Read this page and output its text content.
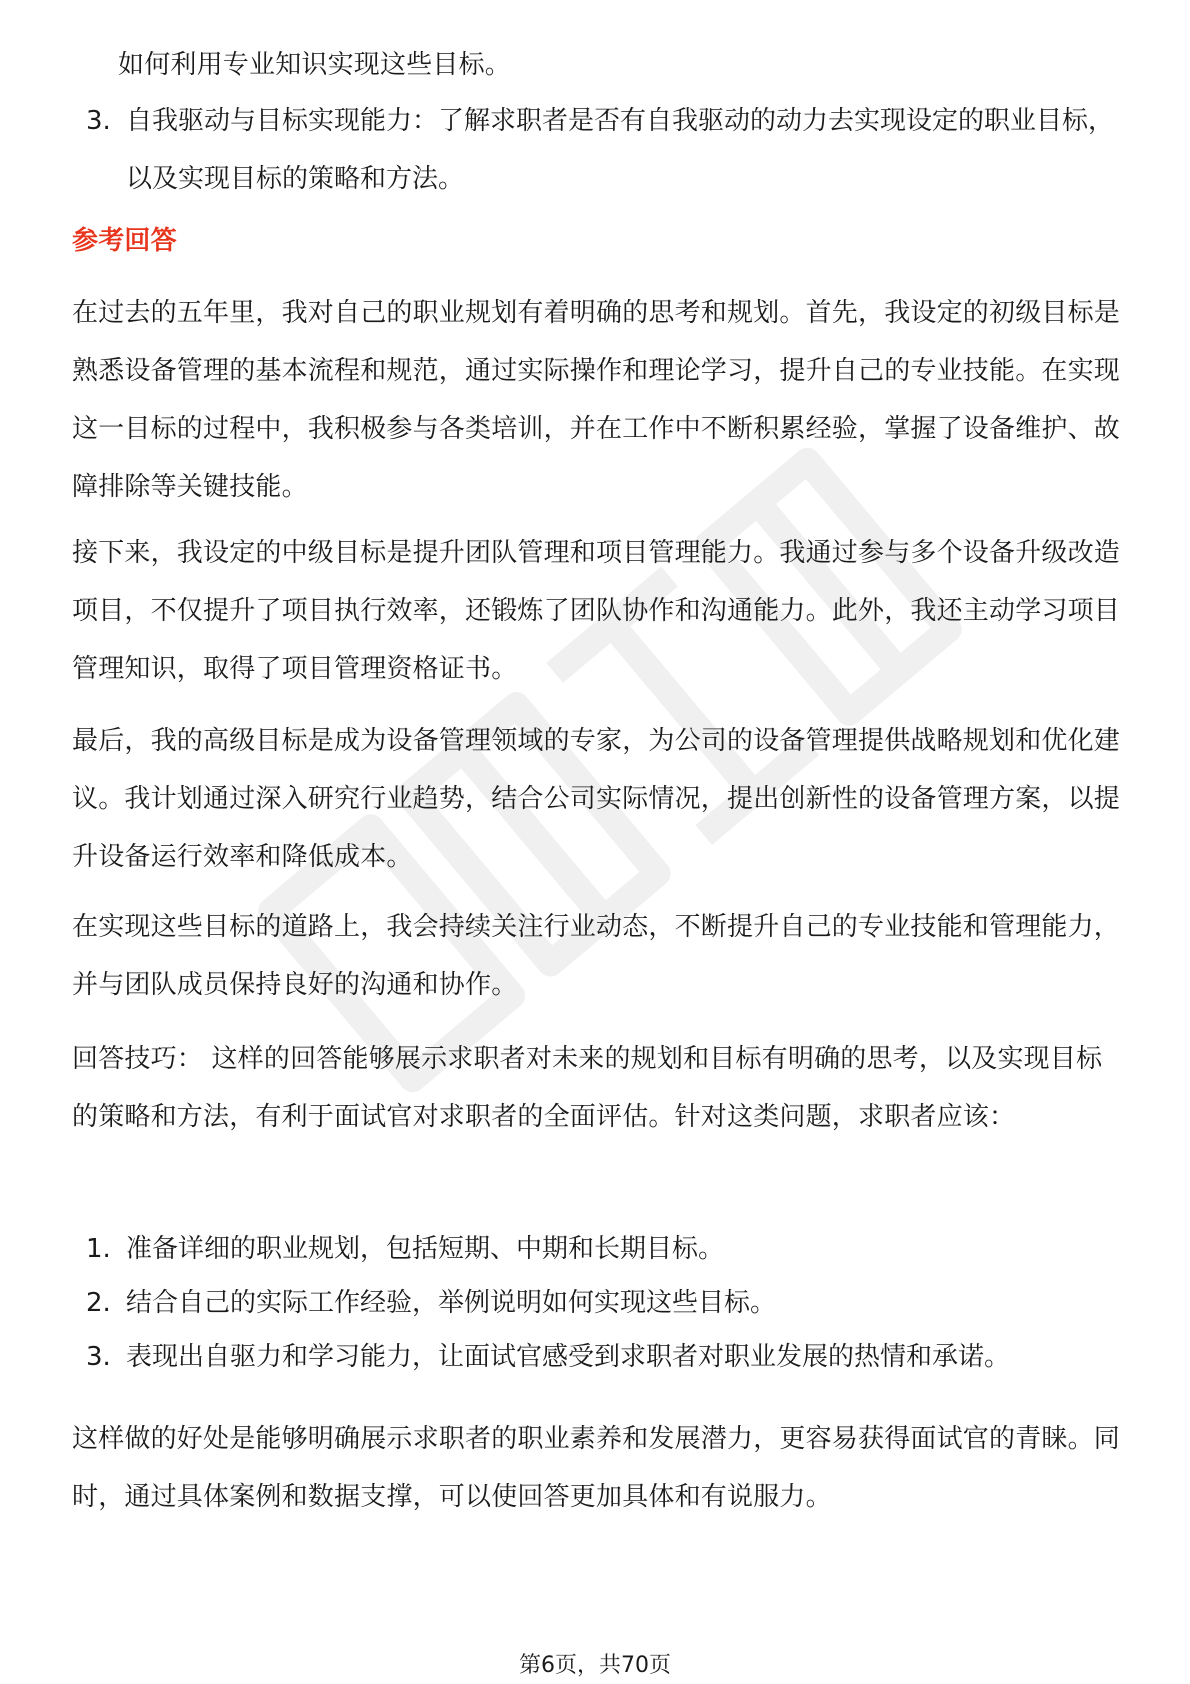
如何利用专业知识实现这些目标。
3. 自我驱动与目标实现能力：了解求职者是否有自我驱动的动力去实现设定的职业目标，以及实现目标的策略和方法。
参考回答
在过去的五年里，我对自己的职业规划有着明确的思考和规划。首先，我设定的初级目标是熟悉设备管理的基本流程和规范，通过实际操作和理论学习，提升自己的专业技能。在实现这一目标的过程中，我积极参与各类培训，并在工作中不断积累经验，掌握了设备维护、故障排除等关键技能。
接下来，我设定的中级目标是提升团队管理和项目管理能力。我通过参与多个设备升级改造项目，不仅提升了项目执行效率，还锻炼了团队协作和沟通能力。此外，我还主动学习项目管理知识，取得了项目管理资格证书。
最后，我的高级目标是成为设备管理领域的专家，为公司的设备管理提供战略规划和优化建议。我计划通过深入研究行业趋势，结合公司实际情况，提出创新性的设备管理方案，以提升设备运行效率和降低成本。
在实现这些目标的道路上，我会持续关注行业动态，不断提升自己的专业技能和管理能力，并与团队成员保持良好的沟通和协作。
回答技巧： 这样的回答能够展示求职者对未来的规划和目标有明确的思考，以及实现目标的策略和方法，有利于面试官对求职者的全面评估。针对这类问题，求职者应该：
1. 准备详细的职业规划，包括短期、中期和长期目标。
2. 结合自己的实际工作经验，举例说明如何实现这些目标。
3. 表现出自驱力和学习能力，让面试官感受到求职者对职业发展的热情和承诺。
这样做的好处是能够明确展示求职者的职业素养和发展潜力，更容易获得面试官的青睐。同时，通过具体案例和数据支撑，可以使回答更加具体和有说服力。
第6页，共70页
